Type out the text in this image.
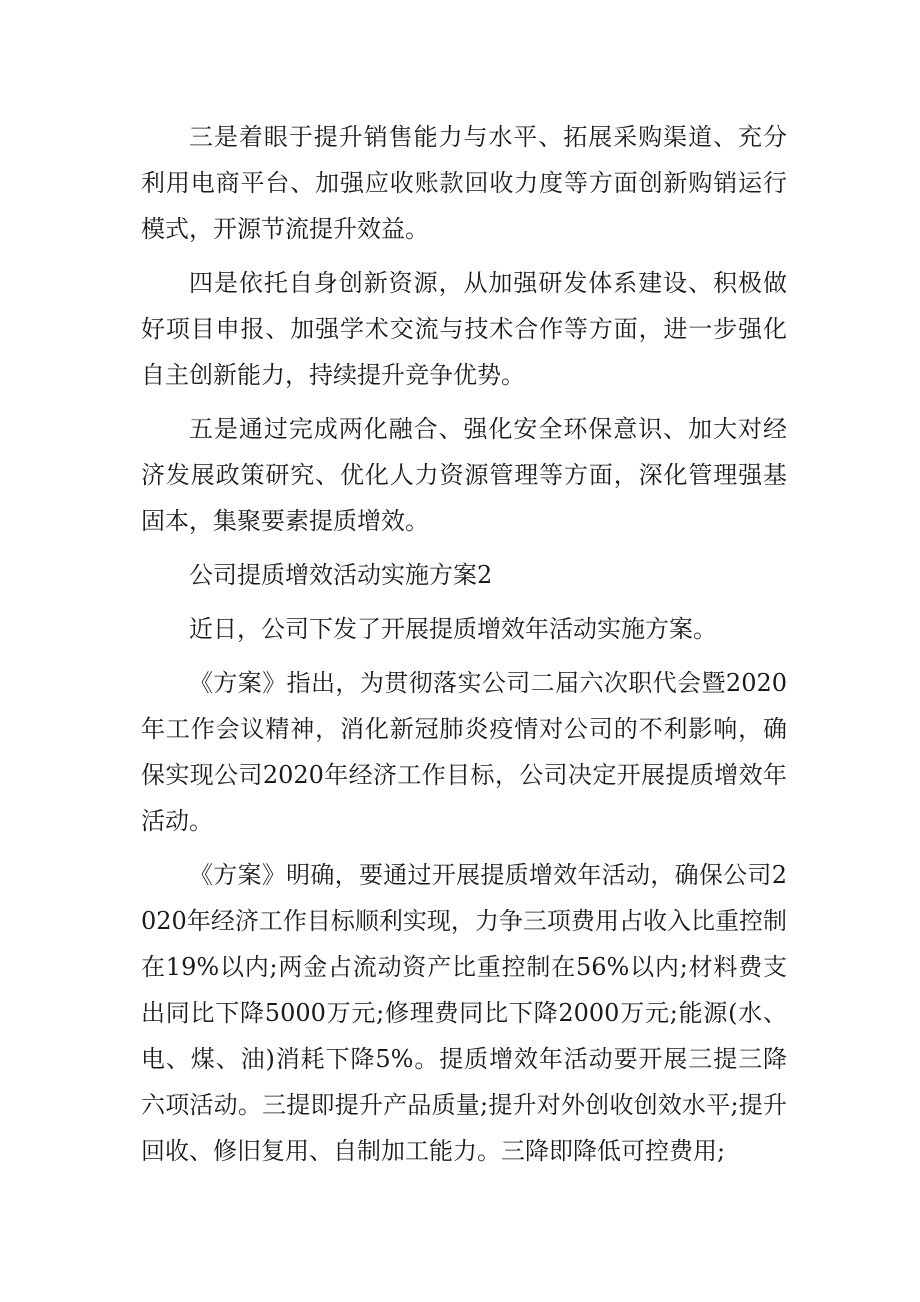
三是着眼于提升销售能力与水平、拓展采购渠道、充分利用电商平台、加强应收账款回收力度等方面创新购销运行模式，开源节流提升效益。

四是依托自身创新资源，从加强研发体系建设、积极做好项目申报、加强学术交流与技术合作等方面，进一步强化自主创新能力，持续提升竞争优势。

五是通过完成两化融合、强化安全环保意识、加大对经济发展政策研究、优化人力资源管理等方面，深化管理强基固本，集聚要素提质增效。

公司提质增效活动实施方案2

近日，公司下发了开展提质增效年活动实施方案。

《方案》指出，为贯彻落实公司二届六次职代会暨2020年工作会议精神，消化新冠肺炎疫情对公司的不利影响，确保实现公司2020年经济工作目标，公司决定开展提质增效年活动。

《方案》明确，要通过开展提质增效年活动，确保公司2020年经济工作目标顺利实现，力争三项费用占收入比重控制在19%以内;两金占流动资产比重控制在56%以内;材料费支出同比下降5000万元;修理费同比下降2000万元;能源(水、电、煤、油)消耗下降5%。提质增效年活动要开展三提三降六项活动。三提即提升产品质量;提升对外创收创效水平;提升回收、修旧复用、自制加工能力。三降即降低可控费用;
